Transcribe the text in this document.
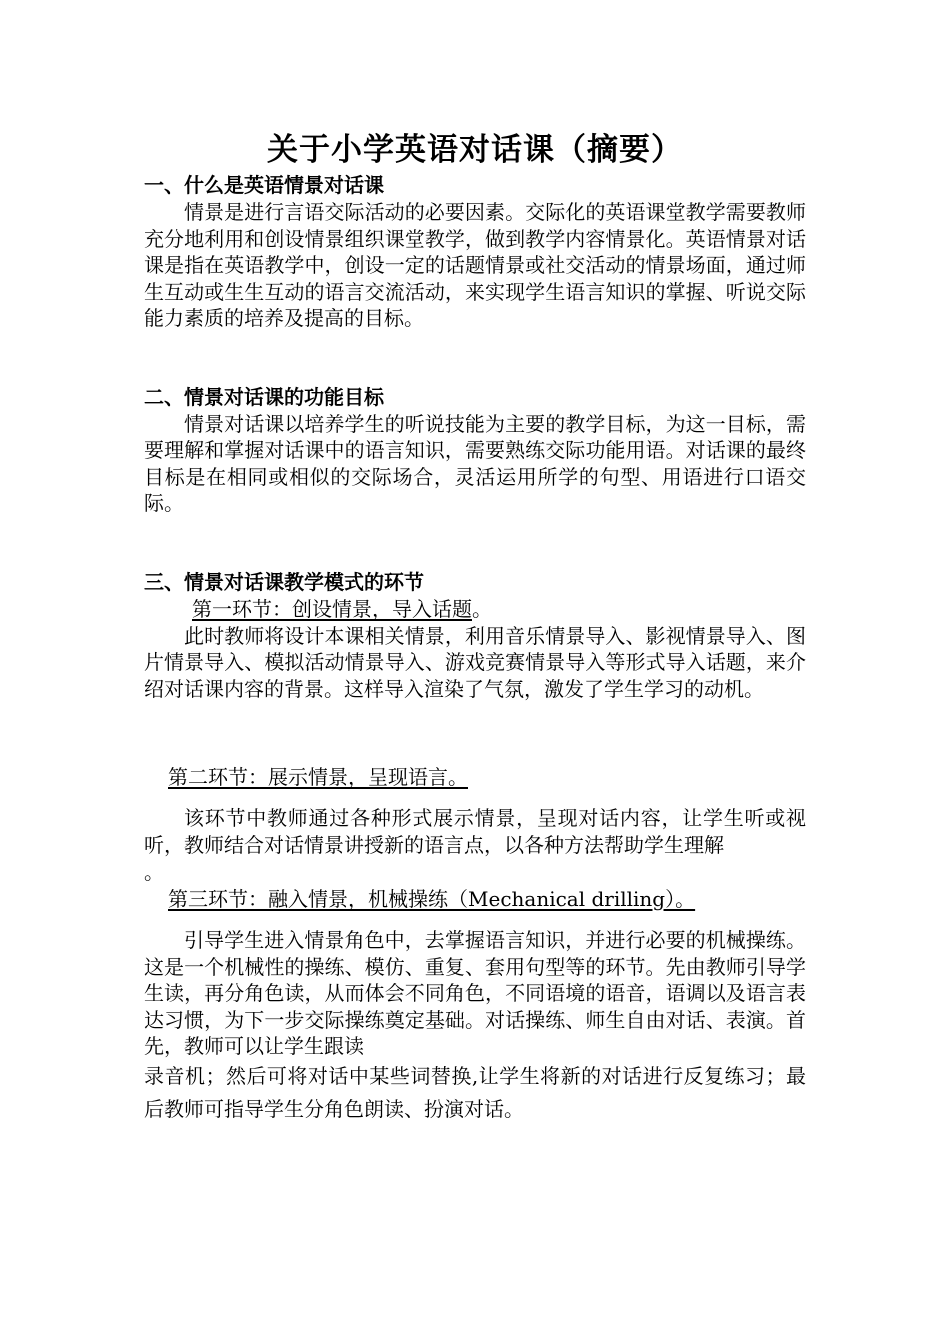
关于小学英语对话课（摘要）

一、什么是英语情景对话课

情景是进行言语交际活动的必要因素。交际化的英语课堂教学需要教师充分地利用和创设情景组织课堂教学，做到教学内容情景化。英语情景对话课是指在英语教学中，创设一定的话题情景或社交活动的情景场面，通过师生互动或生生互动的语言交流活动，来实现学生语言知识的掌握、听说交际能力素质的培养及提高的目标。

二、情景对话课的功能目标

情景对话课以培养学生的听说技能为主要的教学目标，为这一目标，需要理解和掌握对话课中的语言知识，需要熟练交际功能用语。对话课的最终目标是在相同或相似的交际场合，灵活运用所学的句型、用语进行口语交际。

三、情景对话课教学模式的环节

第一环节：创设情景，导入话题。

此时教师将设计本课相关情景，利用音乐情景导入、影视情景导入、图片情景导入、模拟活动情景导入、游戏竞赛情景导入等形式导入话题，来介绍对话课内容的背景。这样导入渲染了气氛，激发了学生学习的动机。

第二环节：展示情景，呈现语言。

该环节中教师通过各种形式展示情景，呈现对话内容，让学生听或视听，教师结合对话情景讲授新的语言点，以各种方法帮助学生理解

。

第三环节：融入情景，机械操练（Mechanical drilling）。

引导学生进入情景角色中，去掌握语言知识，并进行必要的机械操练。这是一个机械性的操练、模仿、重复、套用句型等的环节。先由教师引导学生读，再分角色读，从而体会不同角色，不同语境的语音，语调以及语言表达习惯，为下一步交际操练奠定基础。对话操练、师生自由对话、表演。首先，教师可以让学生跟读

录音机；然后可将对话中某些词替换,让学生将新的对话进行反复练习；最后教师可指导学生分角色朗读、扮演对话。
